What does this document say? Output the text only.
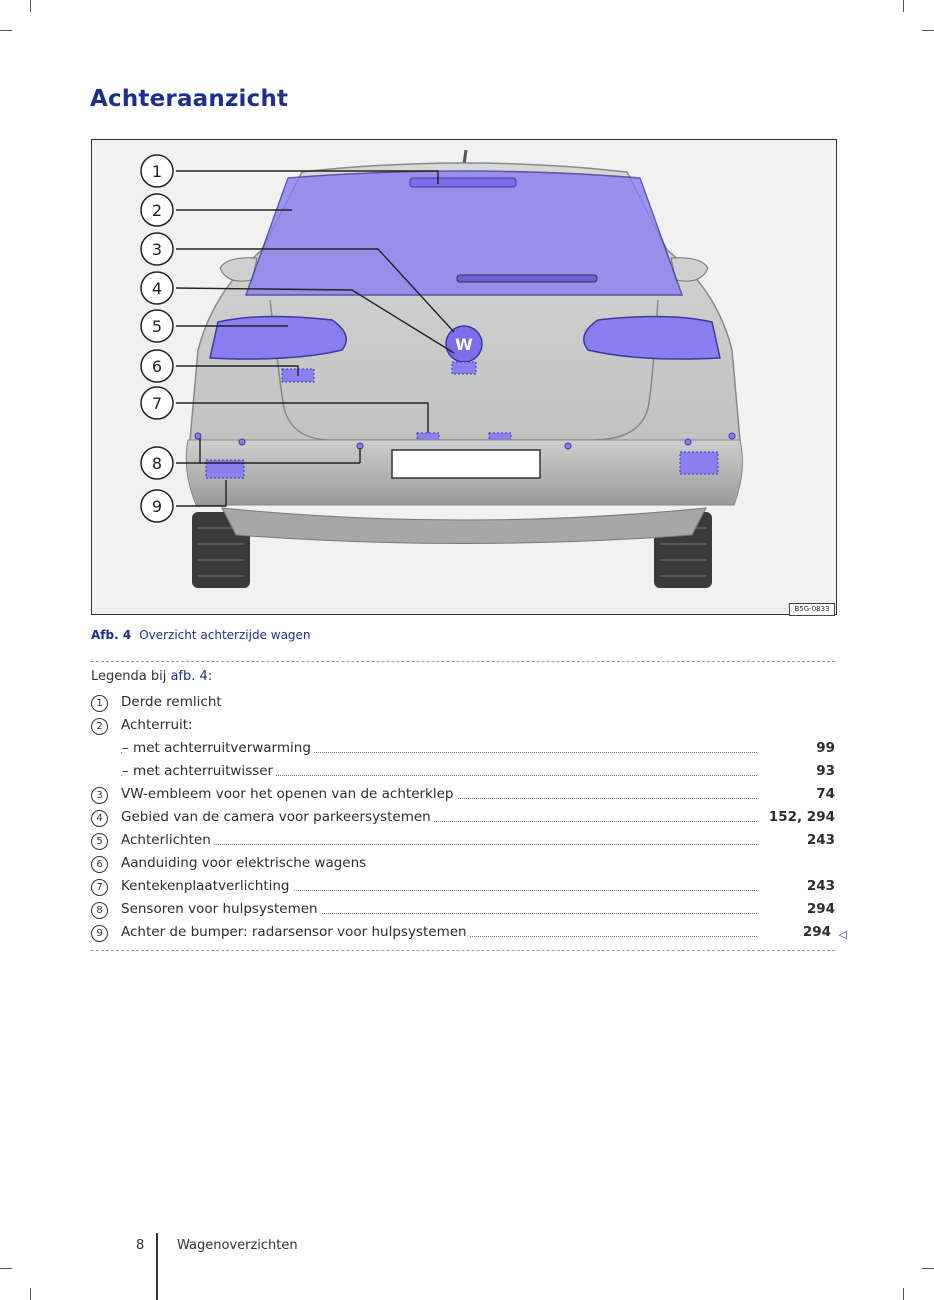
Achteraanzicht
W
1
2
3
4
5
6
7
8
9
B5G-0833
Afb. 4 Overzicht achterzijde wagen
Legenda bij afb. 4:
1	Derde remlicht
2	Achterruit:
– met achterruitverwarming	99
– met achterruitwisser	93
3	VW-embleem voor het openen van de achterklep	74
4	Gebied van de camera voor parkeersystemen	152, 294
5	Achterlichten	243
6	Aanduiding voor elektrische wagens
7	Kentekenplaatverlichting	243
8	Sensoren voor hulpsystemen	294
9	Achter de bumper: radarsensor voor hulpsystemen	294 ◁
8	Wagenoverzichten
